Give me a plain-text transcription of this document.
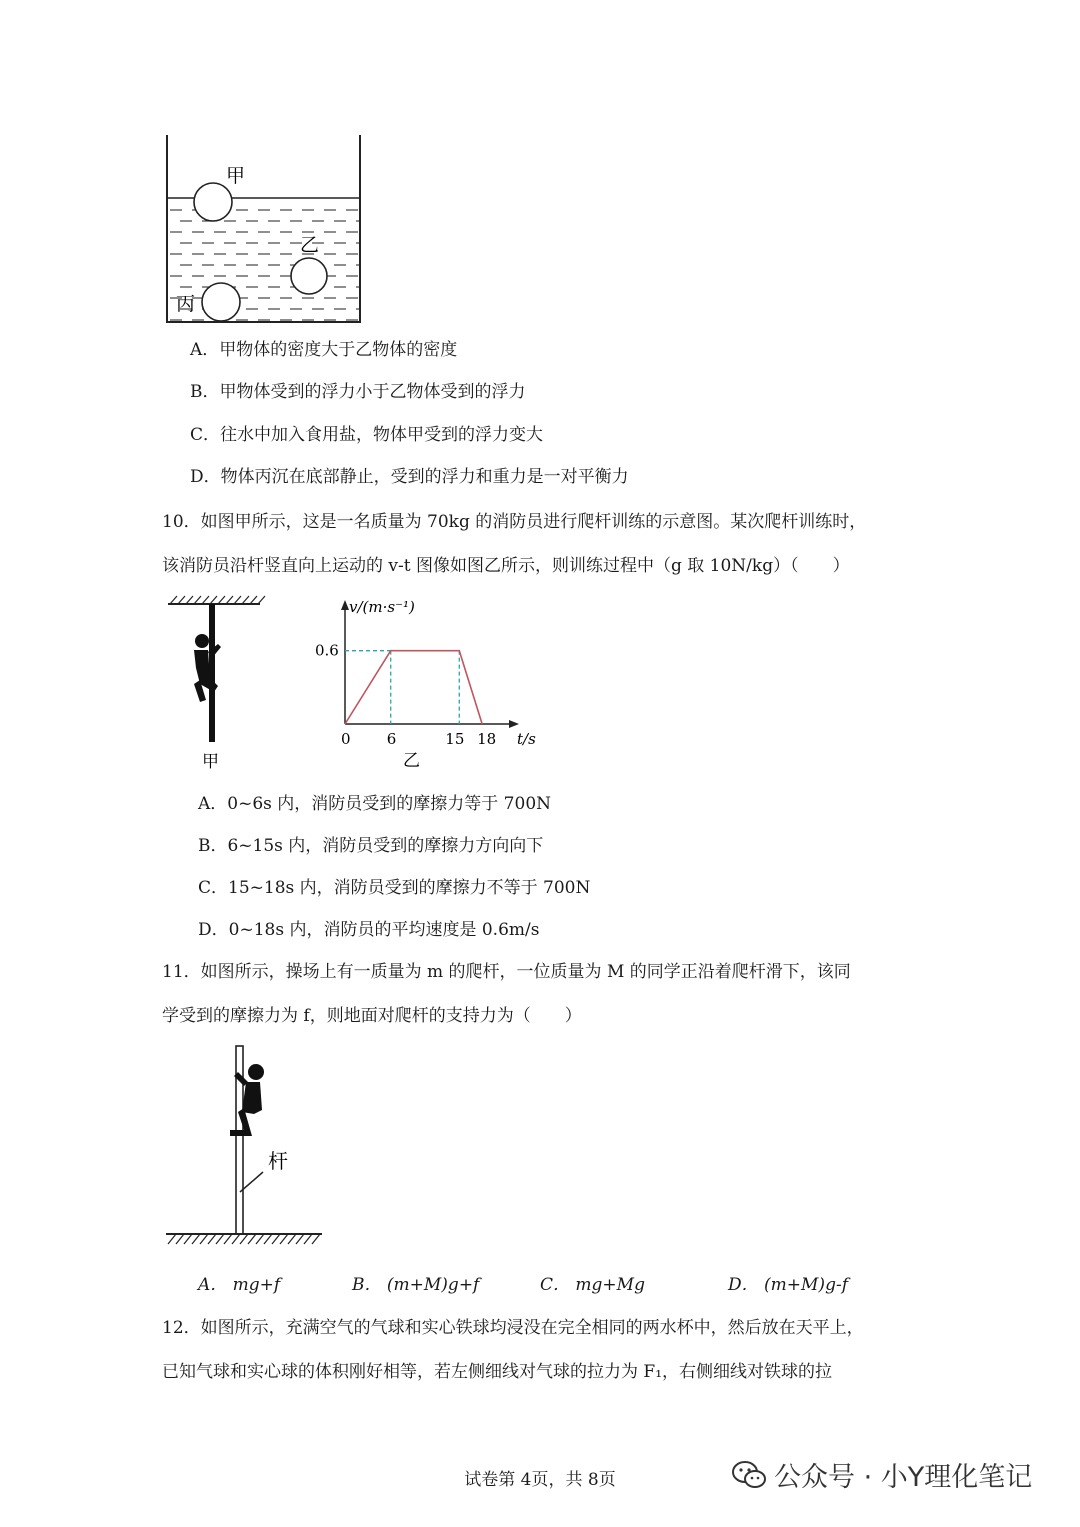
甲
乙
丙
A．甲物体的密度大于乙物体的密度
B．甲物体受到的浮力小于乙物体受到的浮力
C．往水中加入食用盐，物体甲受到的浮力变大
D．物体丙沉在底部静止，受到的浮力和重力是一对平衡力

10．如图甲所示，这是一名质量为 70kg 的消防员进行爬杆训练的示意图。某次爬杆训练时，

该消防员沿杆竖直向上运动的 v-t 图像如图乙所示，则训练过程中（g 取 10N/kg）（　　）

甲
0 6	15 18
0.6
v/(m·s⁻¹)
t/s
乙
A．0~6s 内，消防员受到的摩擦力等于 700N
B．6~15s 内，消防员受到的摩擦力方向向下
C．15~18s 内，消防员受到的摩擦力不等于 700N
D．0~18s 内，消防员的平均速度是 0.6m/s

11．如图所示，操场上有一质量为 m 的爬杆，一位质量为 M 的同学正沿着爬杆滑下，该同

学受到的摩擦力为 f，则地面对爬杆的支持力为（　　）

杆
A． mg+f	B． (m+M)g+f	C． mg+Mg	D． (m+M)g-f

12．如图所示，充满空气的气球和实心铁球均浸没在完全相同的两水杯中，然后放在天平上，

已知气球和实心球的体积刚好相等，若左侧细线对气球的拉力为 F₁，右侧细线对铁球的拉

试卷第 4页，共 8页	公众号 · 小Y理化笔记
